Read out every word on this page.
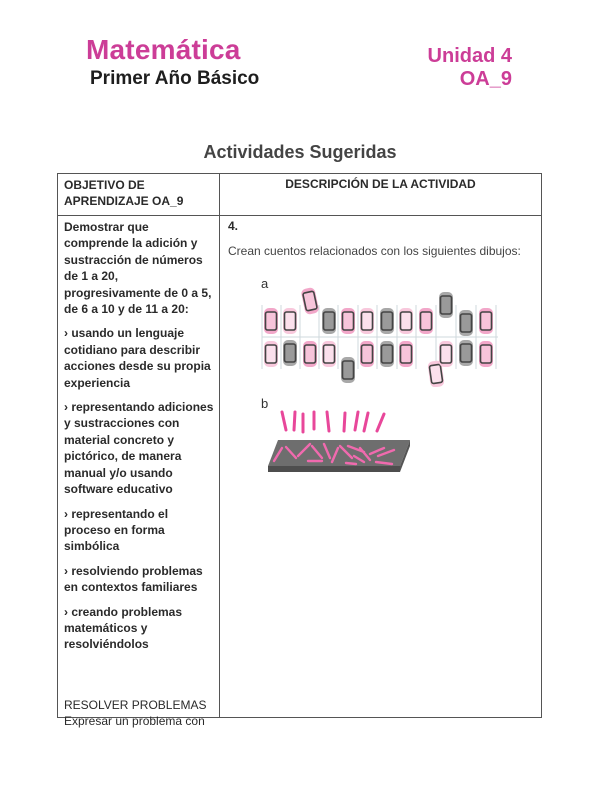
Matemática
Primer Año Básico
Unidad 4
OA_9
Actividades Sugeridas
OBJETIVO DE APRENDIZAJE OA_9
DESCRIPCIÓN DE LA ACTIVIDAD

Demostrar que comprende la adición y sustracción de números de 1 a 20, progresivamente de 0 a 5, de 6 a 10 y de 11 a 20:

› usando un lenguaje cotidiano para describir acciones desde su propia experiencia

› representando adiciones y sustracciones con material concreto y pictórico, de manera manual y/o usando software educativo

› representando el proceso en forma simbólica

› resolviendo problemas en contextos familiares

› creando problemas matemáticos y resolviéndolos

RESOLVER PROBLEMAS
Expresar un problema con
4.
Crean cuentos relacionados con los siguientes dibujos:
a
b
